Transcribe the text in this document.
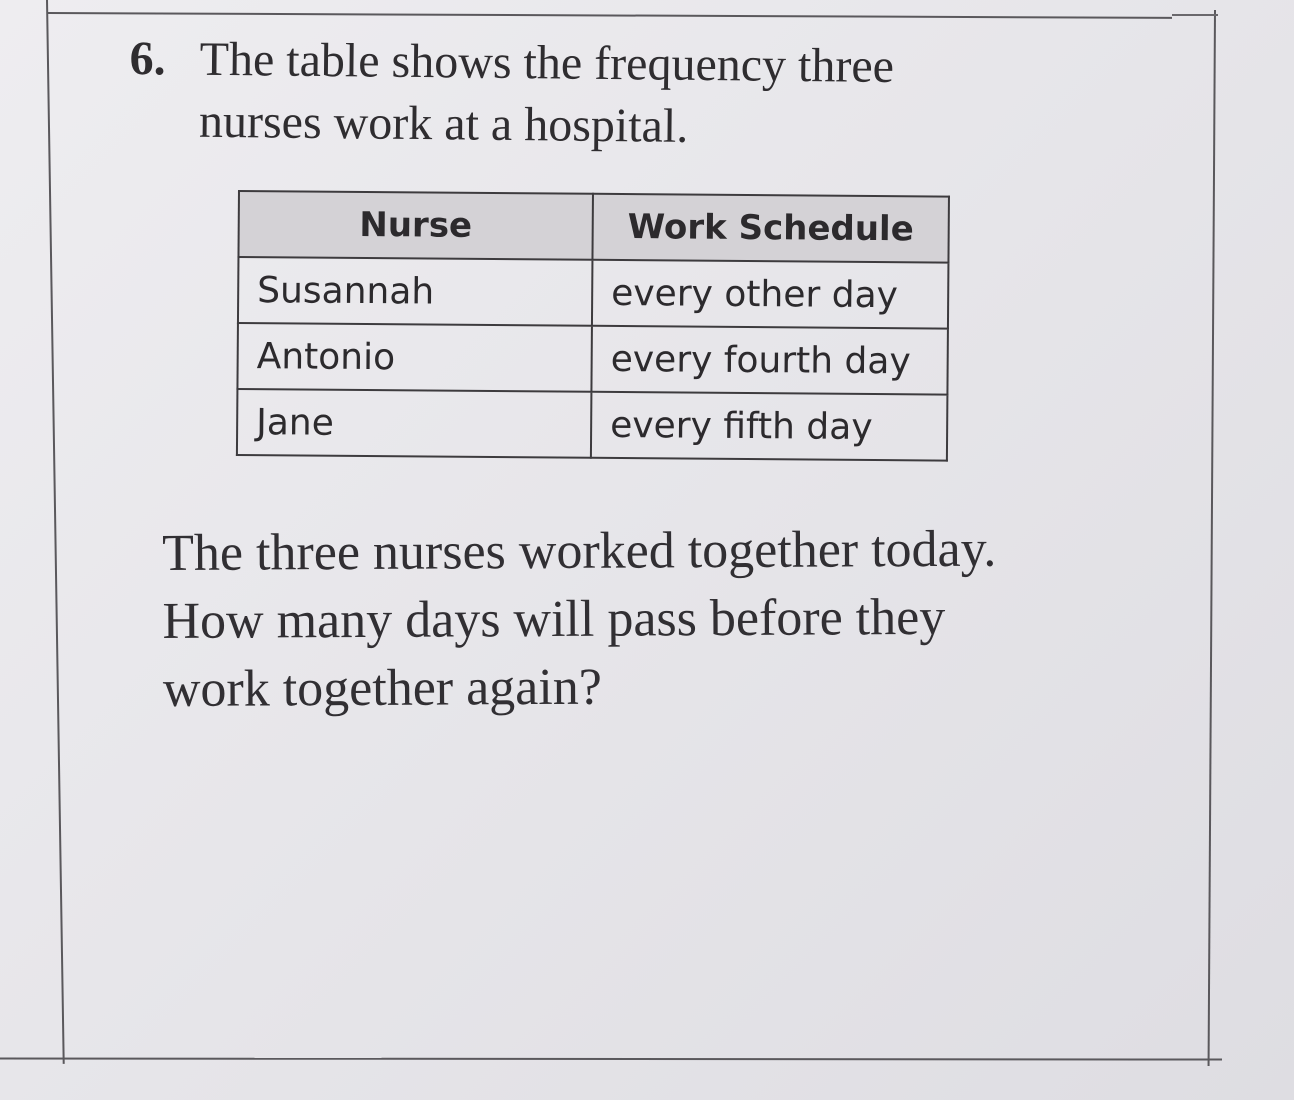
6. The table shows the frequency three
nurses work at a hospital.
Nurse	Work Schedule
Susannah	every other day
Antonio	every fourth day
Jane	every fifth day
The three nurses worked together today.
How many days will pass before they
work together again?
